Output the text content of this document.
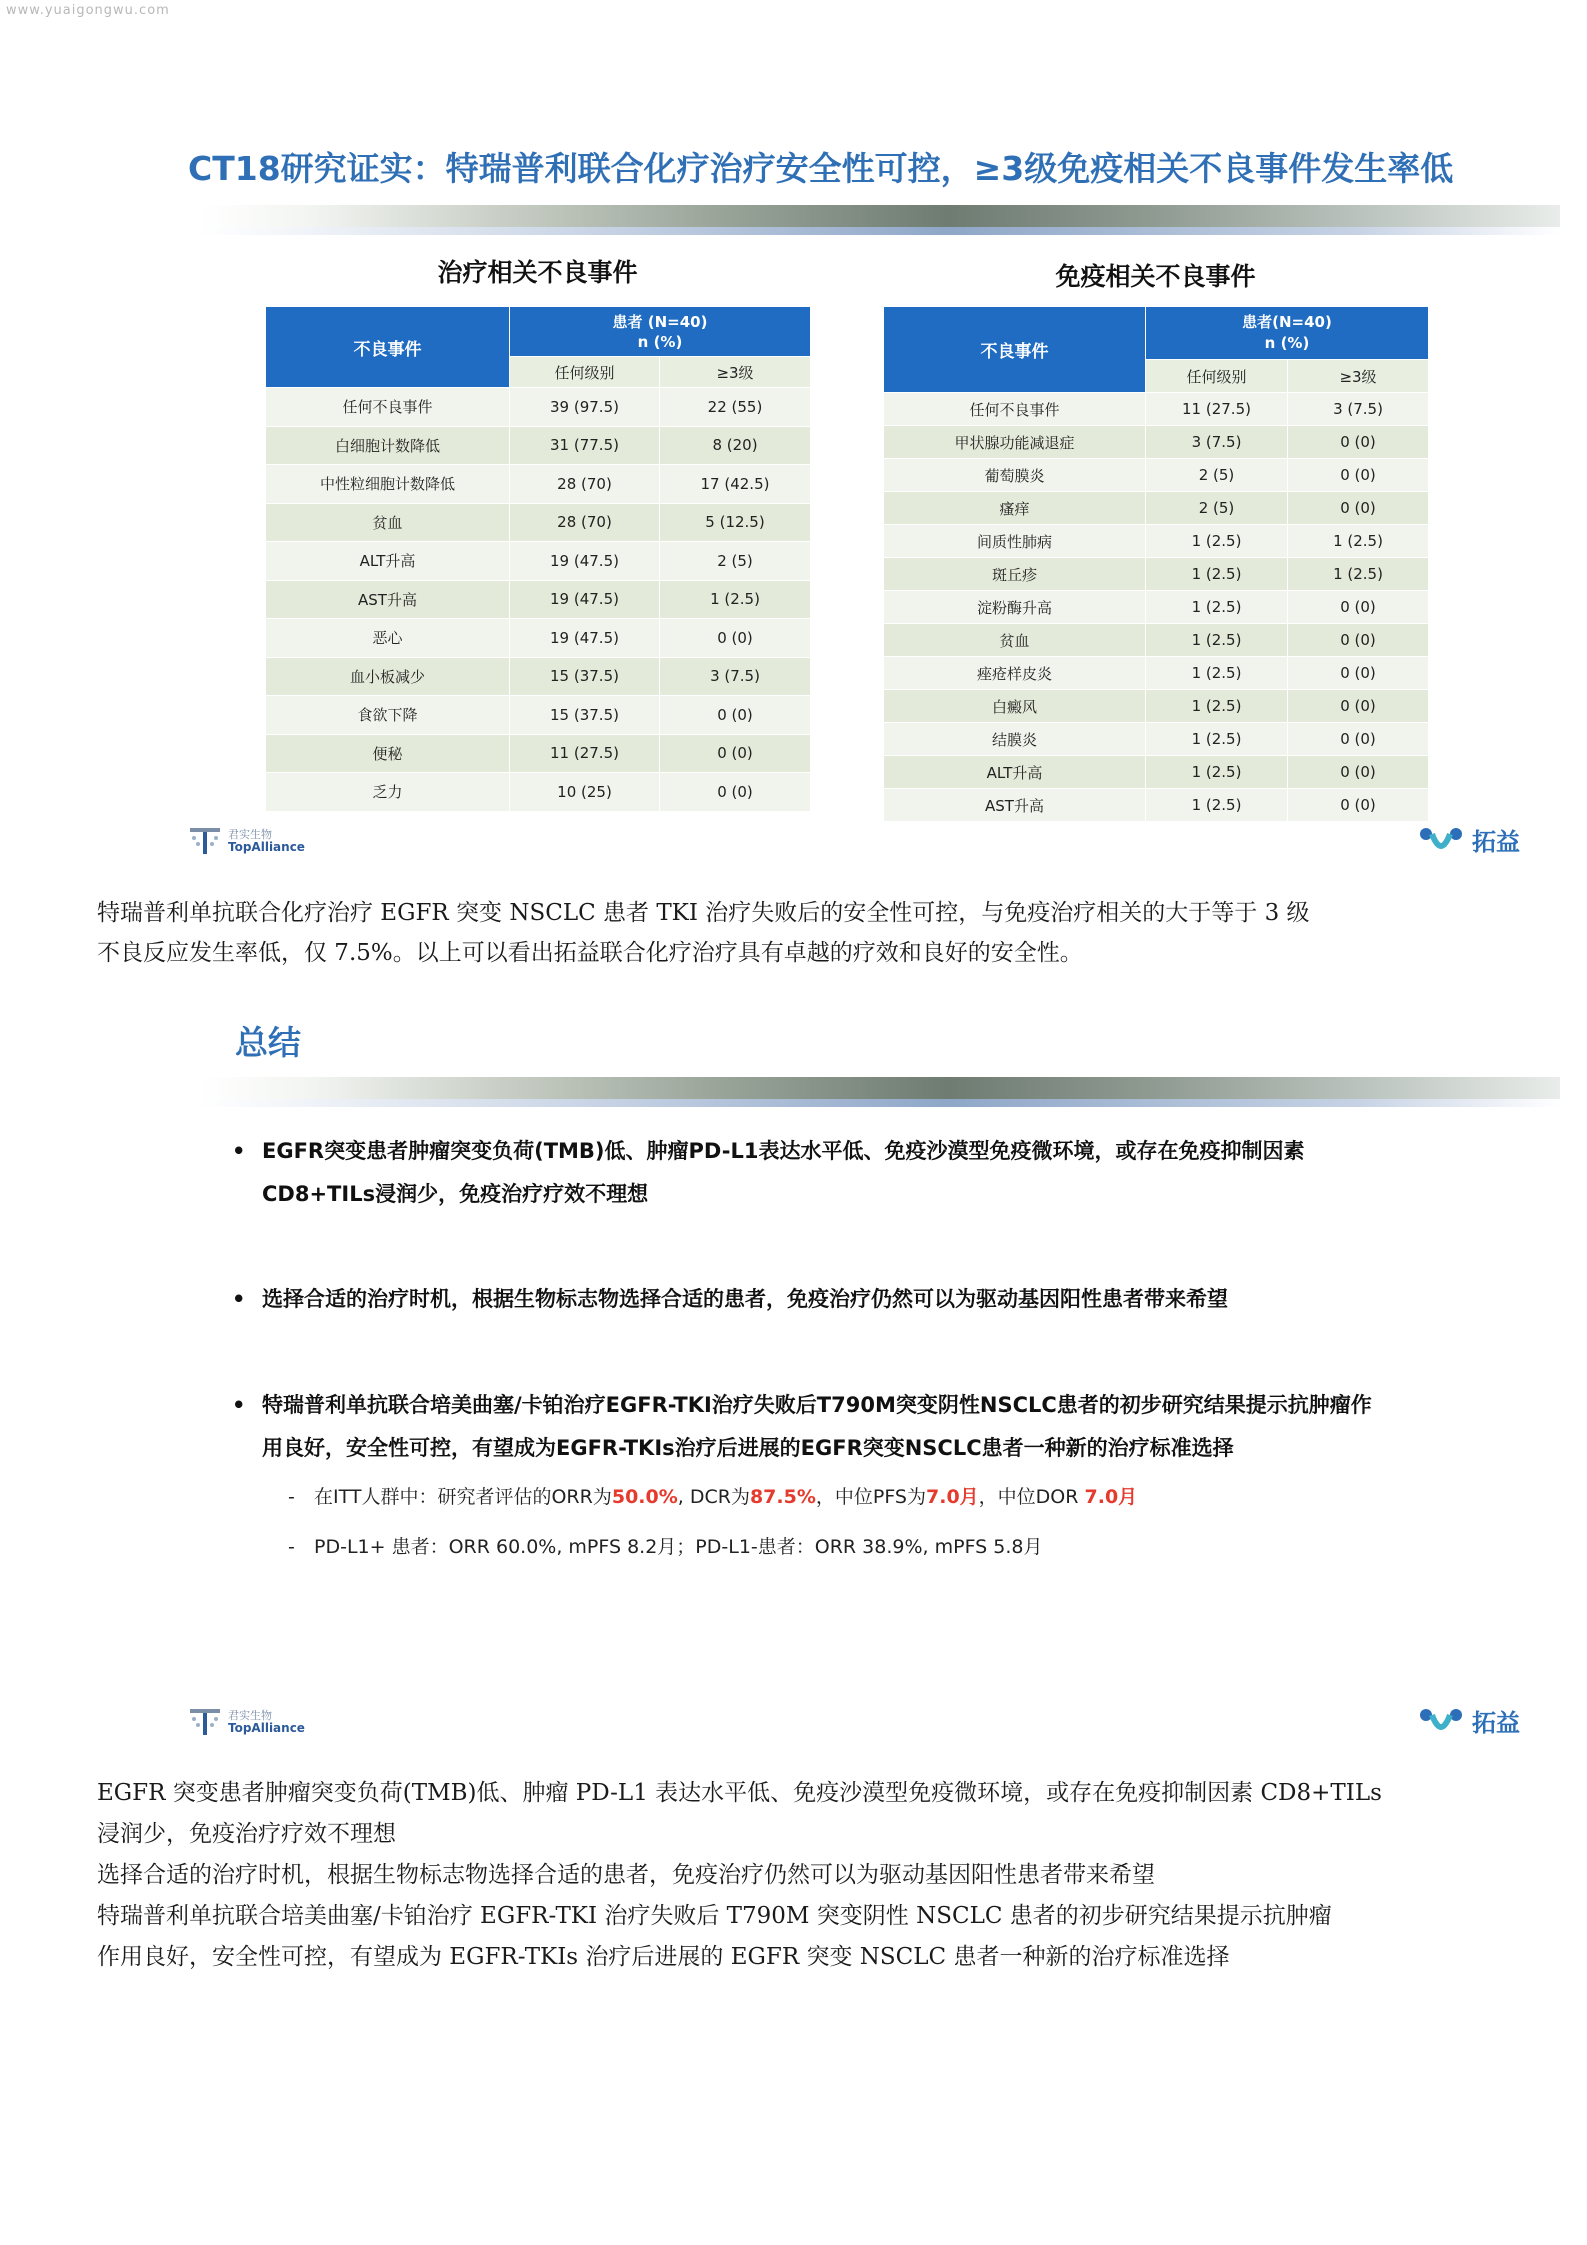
www.yuaigongwu.com
CT18研究证实：特瑞普利联合化疗治疗安全性可控，≥3级免疫相关不良事件发生率低
治疗相关不良事件
不良事件	患者 (N=40)
n (%)	

	任何级别	≥3级
任何不良事件	39 (97.5)	22 (55)
白细胞计数降低	31 (77.5)	8 (20)
中性粒细胞计数降低	28 (70)	17 (42.5)
贫血	28 (70)	5 (12.5)
ALT升高	19 (47.5)	2 (5)
AST升高	19 (47.5)	1 (2.5)
恶心	19 (47.5)	0 (0)
血小板减少	15 (37.5)	3 (7.5)
食欲下降	15 (37.5)	0 (0)
便秘	11 (27.5)	0 (0)
乏力	10 (25)	0 (0)
免疫相关不良事件
不良事件	患者(N=40)
n (%)	

	任何级别	≥3级
任何不良事件	11 (27.5)	3 (7.5)
甲状腺功能减退症	3 (7.5)	0 (0)
葡萄膜炎	2 (5)	0 (0)
瘙痒	2 (5)	0 (0)
间质性肺病	1 (2.5)	1 (2.5)
斑丘疹	1 (2.5)	1 (2.5)
淀粉酶升高	1 (2.5)	0 (0)
贫血	1 (2.5)	0 (0)
痤疮样皮炎	1 (2.5)	0 (0)
白癜风	1 (2.5)	0 (0)
结膜炎	1 (2.5)	0 (0)
ALT升高	1 (2.5)	0 (0)
AST升高	1 (2.5)	0 (0)
君实生物
TopAlliance	拓益
特瑞普利单抗联合化疗治疗 EGFR 突变 NSCLC 患者 TKI 治疗失败后的安全性可控，与免疫治疗相关的大于等于 3 级
不良反应发生率低，仅 7.5%。以上可以看出拓益联合化疗治疗具有卓越的疗效和良好的安全性。
总结
• EGFR突变患者肿瘤突变负荷(TMB)低、肿瘤PD-L1表达水平低、免疫沙漠型免疫微环境，或存在免疫抑制因素
CD8+TILs浸润少，免疫治疗疗效不理想
• 选择合适的治疗时机，根据生物标志物选择合适的患者，免疫治疗仍然可以为驱动基因阳性患者带来希望
• 特瑞普利单抗联合培美曲塞/卡铂治疗EGFR-TKI治疗失败后T790M突变阴性NSCLC患者的初步研究结果提示抗肿瘤作
用良好，安全性可控，有望成为EGFR-TKIs治疗后进展的EGFR突变NSCLC患者一种新的治疗标准选择
- 在ITT人群中：研究者评估的ORR为50.0%, DCR为87.5%，中位PFS为7.0月，中位DOR 7.0月
- PD-L1+ 患者：ORR 60.0%, mPFS 8.2月；PD-L1-患者：ORR 38.9%, mPFS 5.8月
君实生物
TopAlliance	拓益
EGFR 突变患者肿瘤突变负荷(TMB)低、肿瘤 PD-L1 表达水平低、免疫沙漠型免疫微环境，或存在免疫抑制因素 CD8+TILs
浸润少，免疫治疗疗效不理想
选择合适的治疗时机，根据生物标志物选择合适的患者，免疫治疗仍然可以为驱动基因阳性患者带来希望
特瑞普利单抗联合培美曲塞/卡铂治疗 EGFR-TKI 治疗失败后 T790M 突变阴性 NSCLC 患者的初步研究结果提示抗肿瘤
作用良好，安全性可控，有望成为 EGFR-TKIs 治疗后进展的 EGFR 突变 NSCLC 患者一种新的治疗标准选择
